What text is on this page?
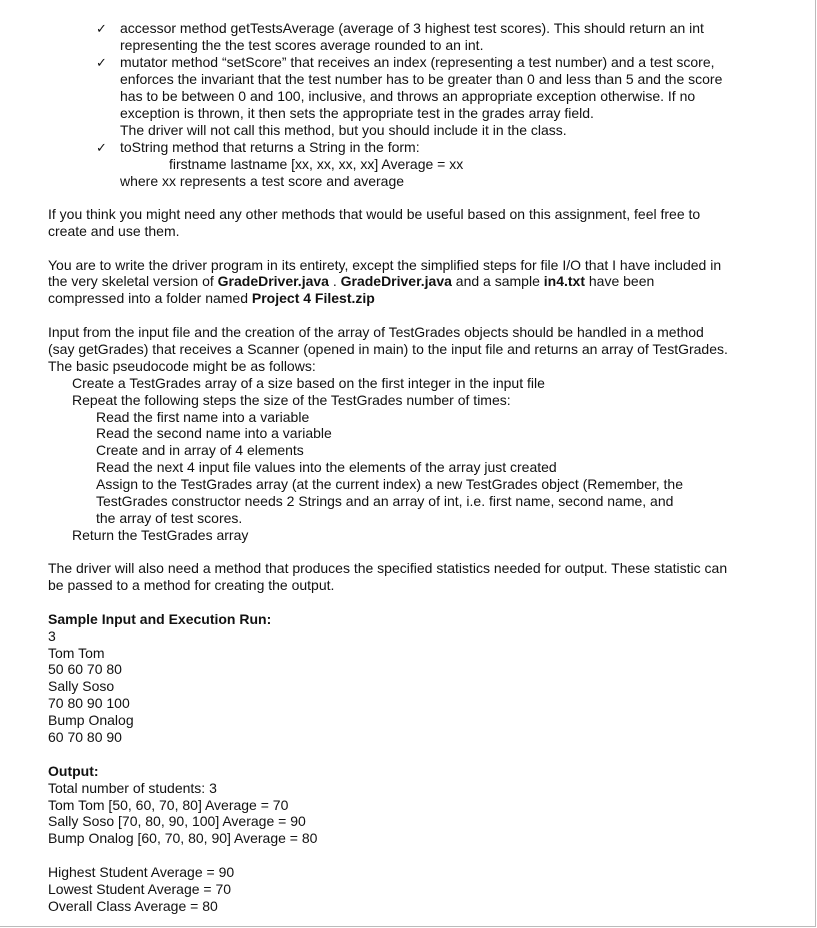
✓ accessor method getTestsAverage (average of 3 highest test scores). This should return an int
representing the the test scores average rounded to an int.
✓ mutator method “setScore” that receives an index (representing a test number) and a test score,
enforces the invariant that the test number has to be greater than 0 and less than 5 and the score
has to be between 0 and 100, inclusive, and throws an appropriate exception otherwise. If no
exception is thrown, it then sets the appropriate test in the grades array field.
The driver will not call this method, but you should include it in the class.
✓ toString method that returns a String in the form:
firstname lastname [xx, xx, xx, xx] Average = xx
where xx represents a test score and average
If you think you might need any other methods that would be useful based on this assignment, feel free to
create and use them.
You are to write the driver program in its entirety, except the simplified steps for file I/O that I have included in
the very skeletal version of GradeDriver.java . GradeDriver.java and a sample in4.txt have been
compressed into a folder named Project 4 Filest.zip
Input from the input file and the creation of the array of TestGrades objects should be handled in a method
(say getGrades) that receives a Scanner (opened in main) to the input file and returns an array of TestGrades.
The basic pseudocode might be as follows:
Create a TestGrades array of a size based on the first integer in the input file
Repeat the following steps the size of the TestGrades number of times:
Read the first name into a variable
Read the second name into a variable
Create and in array of 4 elements
Read the next 4 input file values into the elements of the array just created
Assign to the TestGrades array (at the current index) a new TestGrades object (Remember, the
TestGrades constructor needs 2 Strings and an array of int, i.e. first name, second name, and
the array of test scores.
Return the TestGrades array
The driver will also need a method that produces the specified statistics needed for output. These statistic can
be passed to a method for creating the output.
Sample Input and Execution Run:
3
Tom Tom
50 60 70 80
Sally Soso
70 80 90 100
Bump Onalog
60 70 80 90
Output:
Total number of students: 3
Tom Tom [50, 60, 70, 80] Average = 70
Sally Soso [70, 80, 90, 100] Average = 90
Bump Onalog [60, 70, 80, 90] Average = 80
Highest Student Average = 90
Lowest Student Average = 70
Overall Class Average = 80
